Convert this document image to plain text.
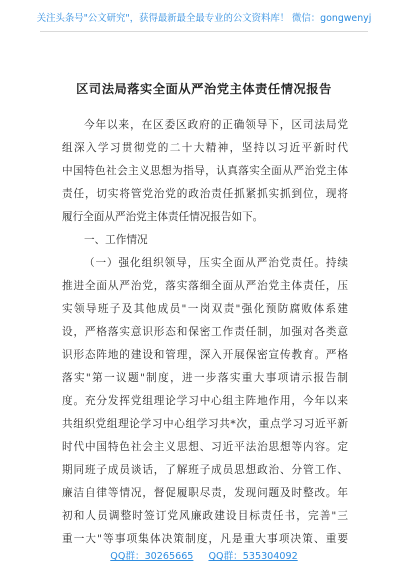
关注头条号"公文研究"，获得最新最全最专业的公文资料库！ 微信：gongwenyj
区司法局落实全面从严治党主体责任情况报告
今年以来，在区委区政府的正确领导下，区司法局党
组深入学习贯彻党的二十大精神，坚持以习近平新时代
中国特色社会主义思想为指导，认真落实全面从严治党主体
责任，切实将管党治党的政治责任抓紧抓实抓到位，现将
履行全面从严治党主体责任情况报告如下。
一、工作情况
（一）强化组织领导，压实全面从严治党责任。持续
推进全面从严治党，落实落细全面从严治党主体责任，压
实领导班子及其他成员"一岗双责"强化预防腐败体系建
设，严格落实意识形态和保密工作责任制，加强对各类意
识形态阵地的建设和管理，深入开展保密宣传教育。严格
落实"第一议题"制度，进一步落实重大事项请示报告制
度。充分发挥党组理论学习中心组主阵地作用，今年以来
共组织党组理论学习中心组学习共*次，重点学习习近平新
时代中国特色社会主义思想、习近平法治思想等内容。定
期同班子成员谈话，了解班子成员思想政治、分管工作、
廉洁自律等情况，督促履职尽责，发现问题及时整改。年
初和人员调整时签订党风廉政建设目标责任书，完善"三
重一大"等事项集体决策制度，凡是重大事项决策、重要
QQ群：30265665 QQ群：535304092
